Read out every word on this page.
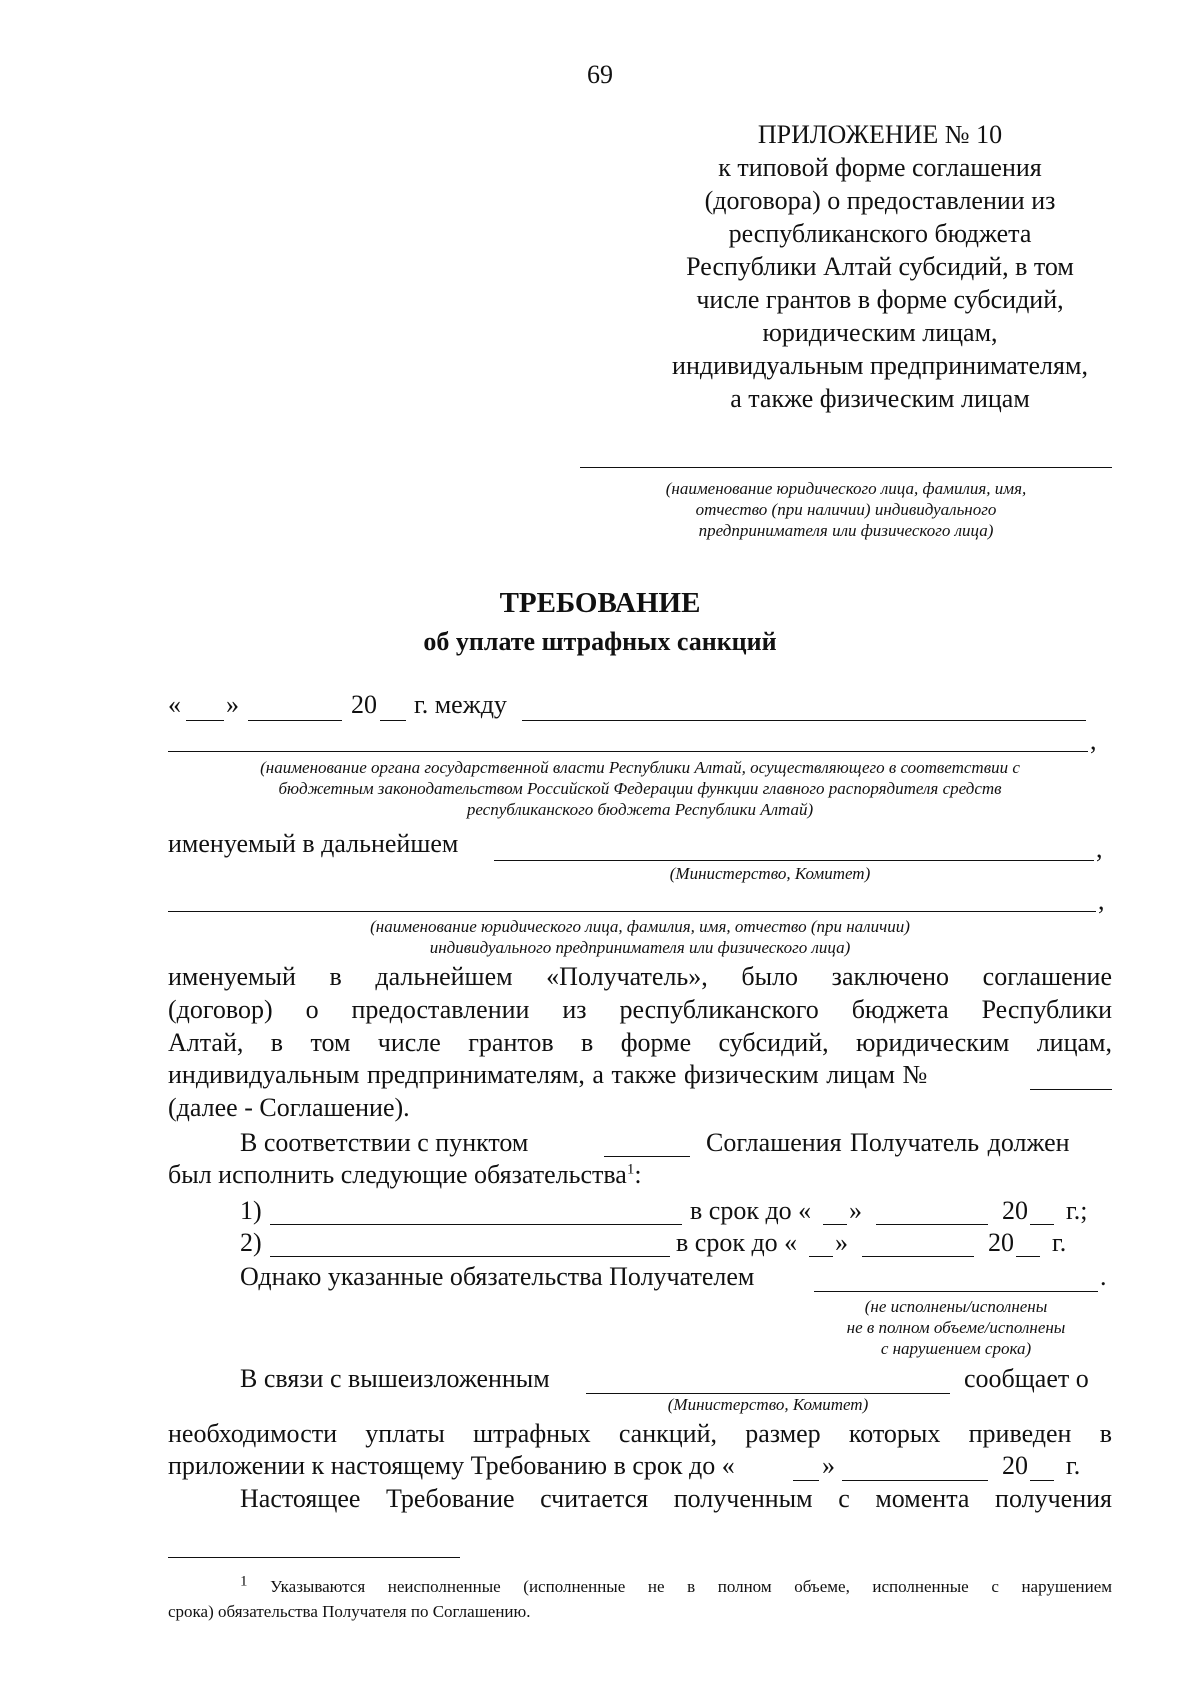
69
ПРИЛОЖЕНИЕ № 10
к типовой форме соглашения
(договора) о предоставлении из
республиканского бюджета
Республики Алтай субсидий, в том
числе грантов в форме субсидий,
юридическим лицам,
индивидуальным предпринимателям,
а также физическим лицам
(наименование юридического лица, фамилия, имя,
отчество (при наличии) индивидуального
предпринимателя или физического лица)
ТРЕБОВАНИЕ
об уплате штрафных санкций
« »	20 г. между
,
(наименование органа государственной власти Республики Алтай, осуществляющего в соответствии с
бюджетным законодательством Российской Федерации функции главного распорядителя средств
республиканского бюджета Республики Алтай)
именуемый в дальнейшем	,
(Министерство, Комитет)
,
(наименование юридического лица, фамилия, имя, отчество (при наличии)
индивидуального предпринимателя или физического лица)
именуемый в дальнейшем «Получатель», было заключено соглашение
(договор) о предоставлении из республиканского бюджета Республики
Алтай, в том числе грантов в форме субсидий, юридическим лицам,
индивидуальным предпринимателям, а также физическим лицам №
(далее - Соглашение).
В соответствии с пунктом	Соглашения Получатель должен
был исполнить следующие обязательства$^1$:
1)	в срок до « »	20 г.;
2)	в срок до « »	20 г.
Однако указанные обязательства Получателем	.
(не исполнены/исполнены
не в полном объеме/исполнены
с нарушением срока)
В связи с вышеизложенным	сообщает о
(Министерство, Комитет)
необходимости уплаты штрафных санкций, размер которых приведен в
приложении к настоящему Требованию в срок до «	»	20 г.
Настоящее Требование считается полученным с момента получения
$^1$ Указываются неисполненные (исполненные не в полном объеме, исполненные с нарушением
срока) обязательства Получателя по Соглашению.
